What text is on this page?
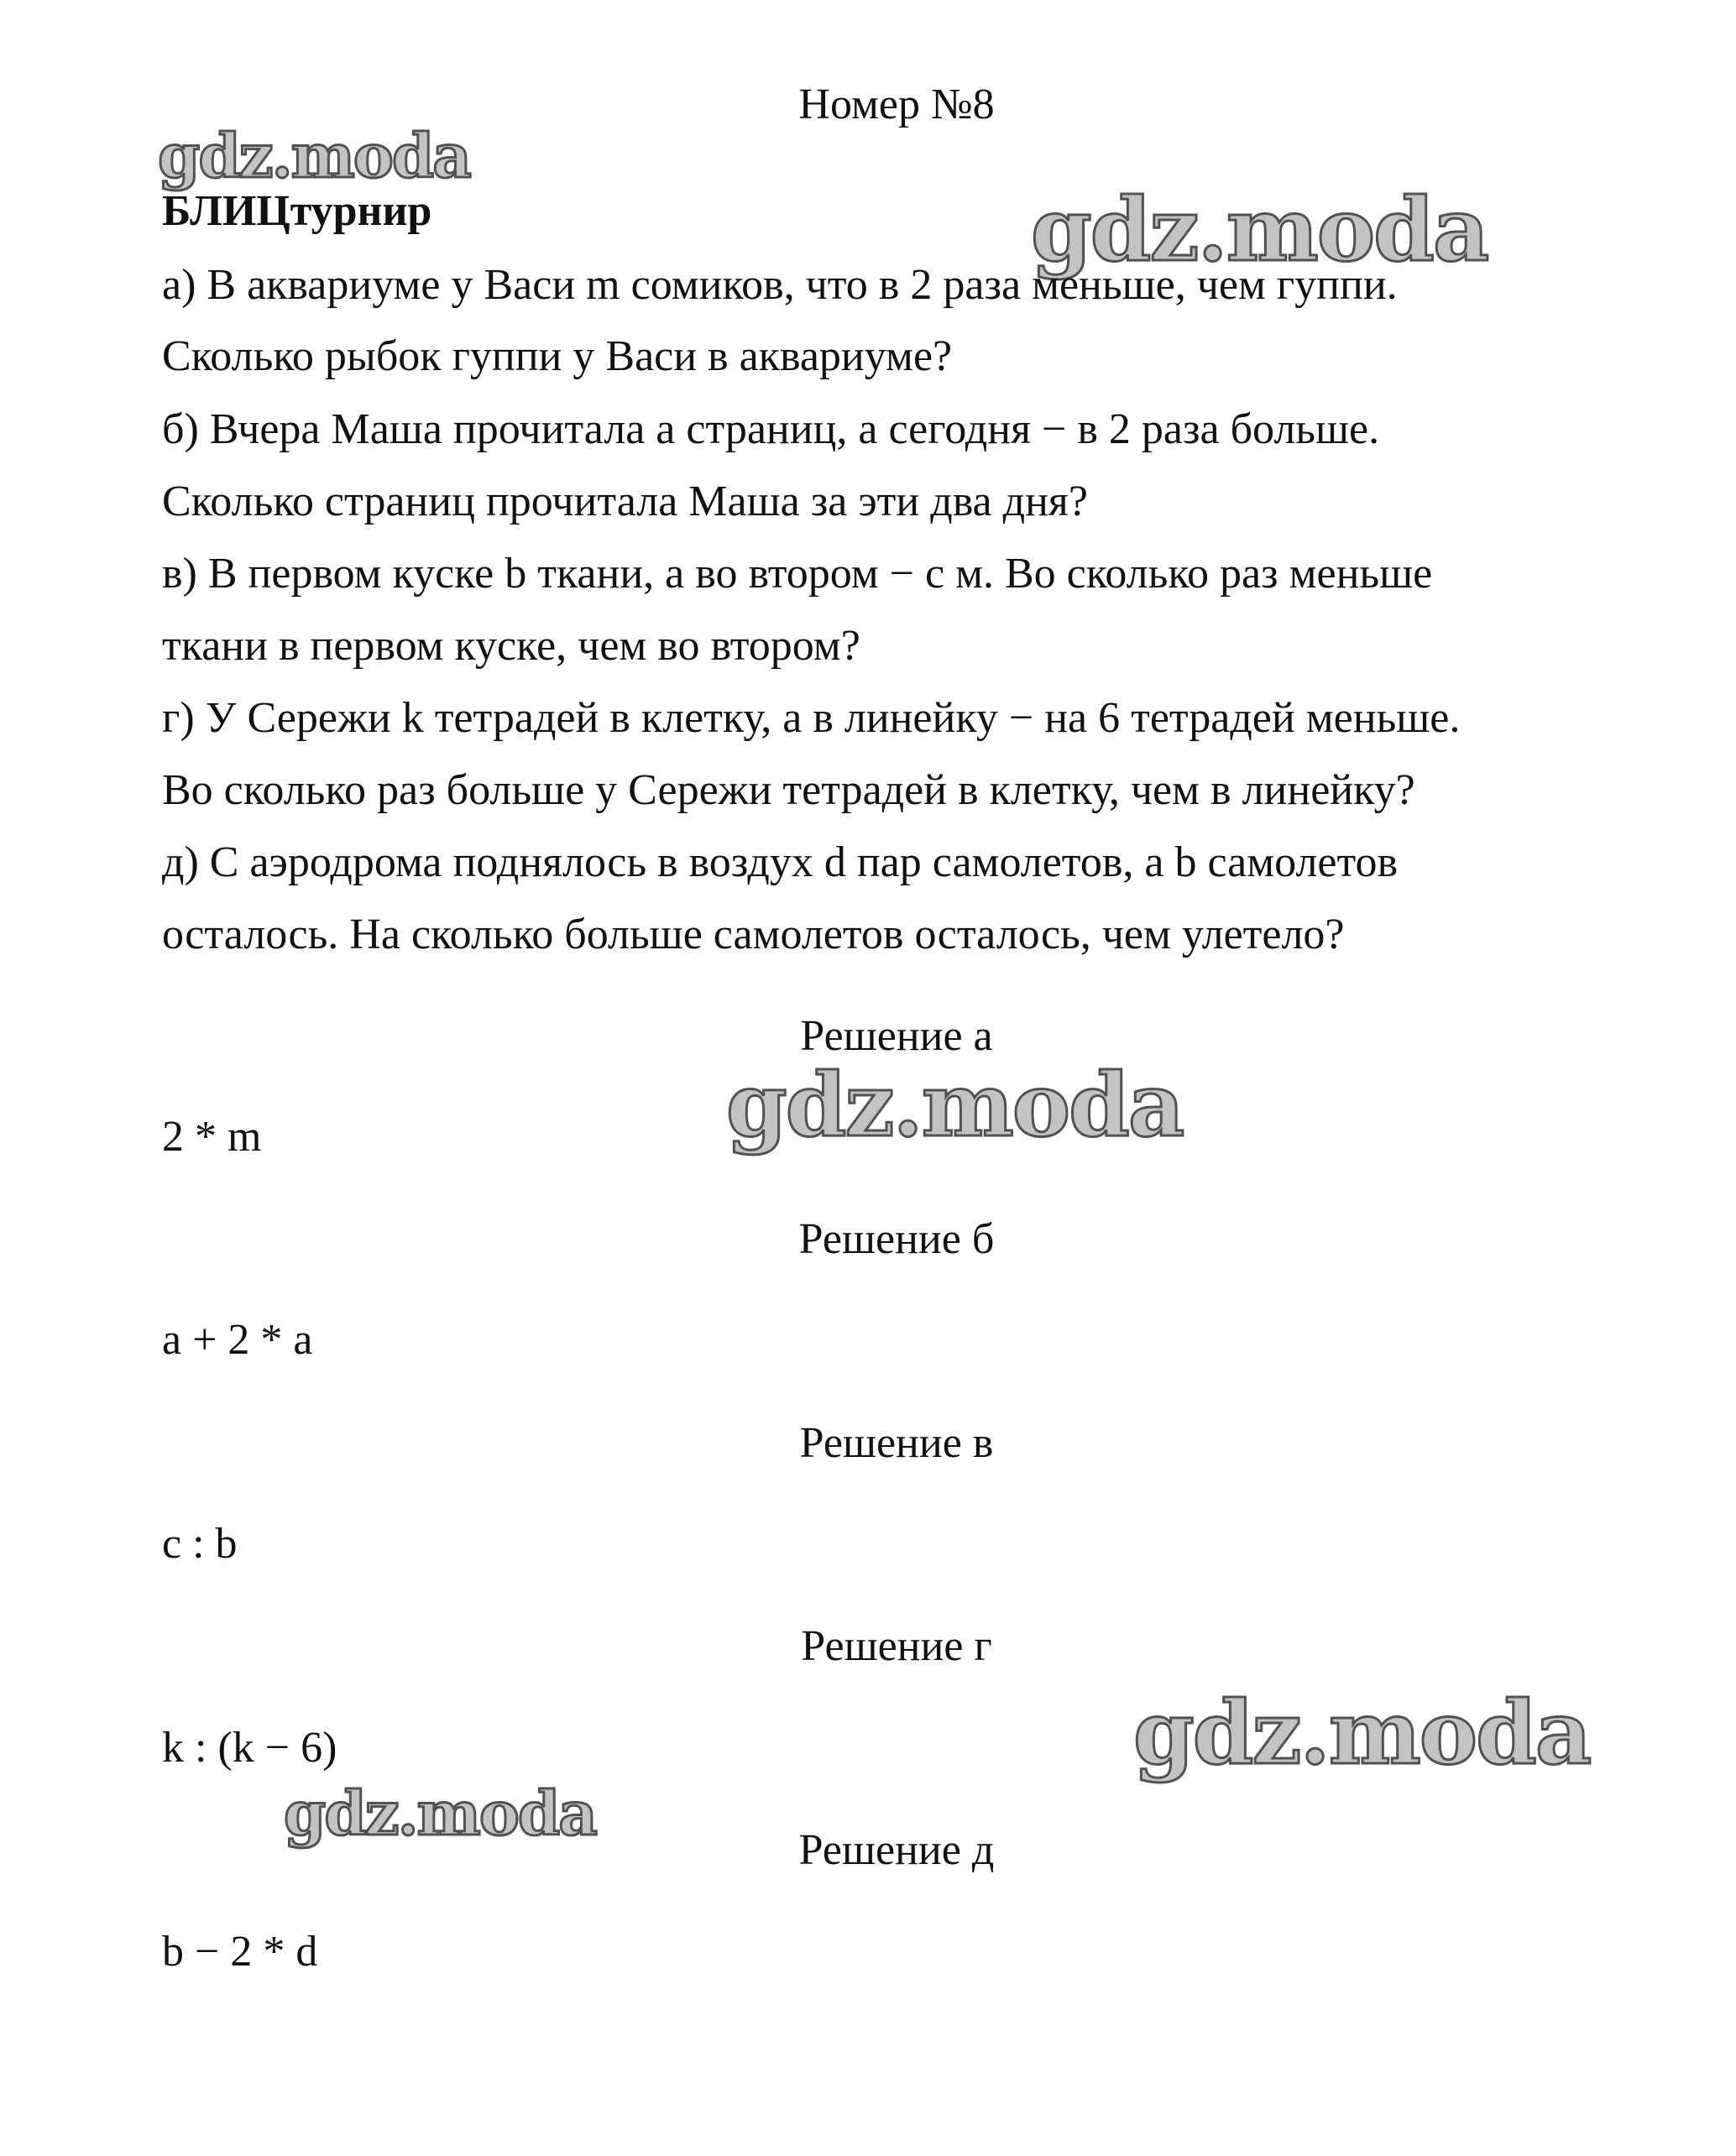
gdz.moda
gdz.moda
gdz.moda
gdz.moda
gdz.moda

Номер №8

БЛИЦтурнир

а) В аквариуме у Васи m сомиков, что в 2 раза меньше, чем гуппи.

Сколько рыбок гуппи у Васи в аквариуме?

б) Вчера Маша прочитала a страниц, а сегодня − в 2 раза больше.

Сколько страниц прочитала Маша за эти два дня?

в) В первом куске b ткани, а во втором − c м. Во сколько раз меньше

ткани в первом куске, чем во втором?

г) У Сережи k тетрадей в клетку, а в линейку − на 6 тетрадей меньше.

Во сколько раз больше у Сережи тетрадей в клетку, чем в линейку?

д) С аэродрома поднялось в воздух d пар самолетов, а b самолетов

осталось. На сколько больше самолетов осталось, чем улетело?

Решение а

2 * m

Решение б

a + 2 * a

Решение в

c : b

Решение г

k : (k − 6)

Решение д

b − 2 * d
